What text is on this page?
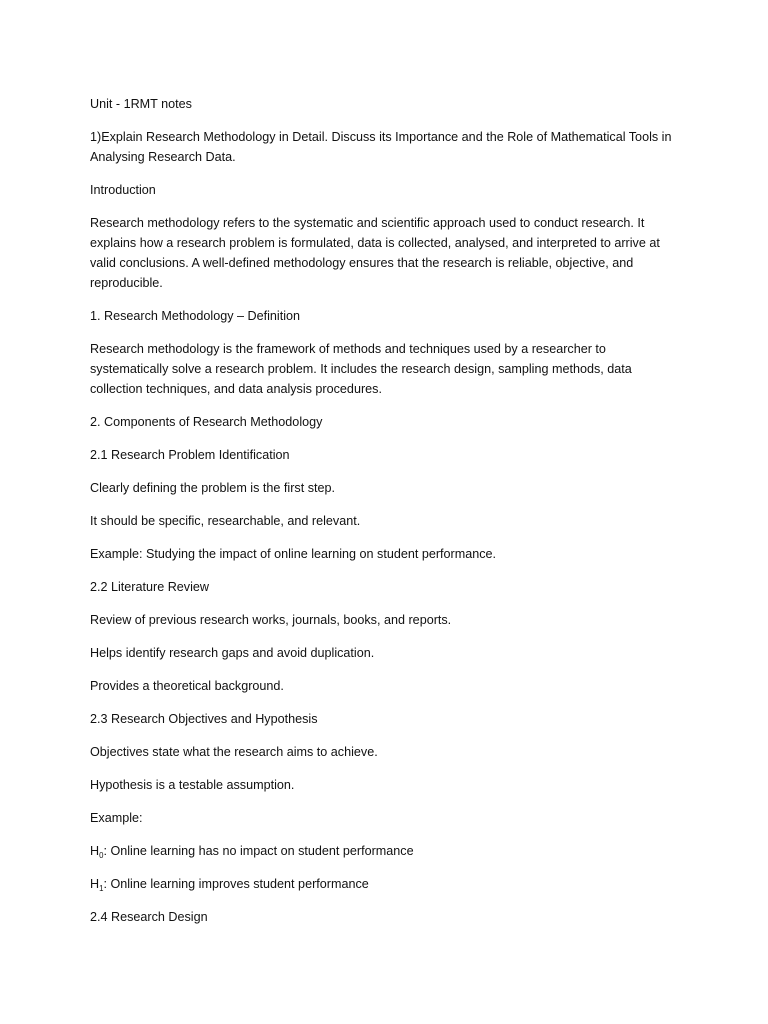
Unit - 1RMT notes

1)Explain Research Methodology in Detail. Discuss its Importance and the Role of Mathematical Tools in Analysing Research Data.

Introduction

Research methodology refers to the systematic and scientific approach used to conduct research. It explains how a research problem is formulated, data is collected, analysed, and interpreted to arrive at valid conclusions. A well-defined methodology ensures that the research is reliable, objective, and reproducible.

1. Research Methodology – Definition

Research methodology is the framework of methods and techniques used by a researcher to systematically solve a research problem. It includes the research design, sampling methods, data collection techniques, and data analysis procedures.

2. Components of Research Methodology

2.1 Research Problem Identification

Clearly defining the problem is the first step.

It should be specific, researchable, and relevant.

Example: Studying the impact of online learning on student performance.

2.2 Literature Review

Review of previous research works, journals, books, and reports.

Helps identify research gaps and avoid duplication.

Provides a theoretical background.

2.3 Research Objectives and Hypothesis

Objectives state what the research aims to achieve.

Hypothesis is a testable assumption.

Example:

$H_0$: Online learning has no impact on student performance

$H_1$: Online learning improves student performance

2.4 Research Design
